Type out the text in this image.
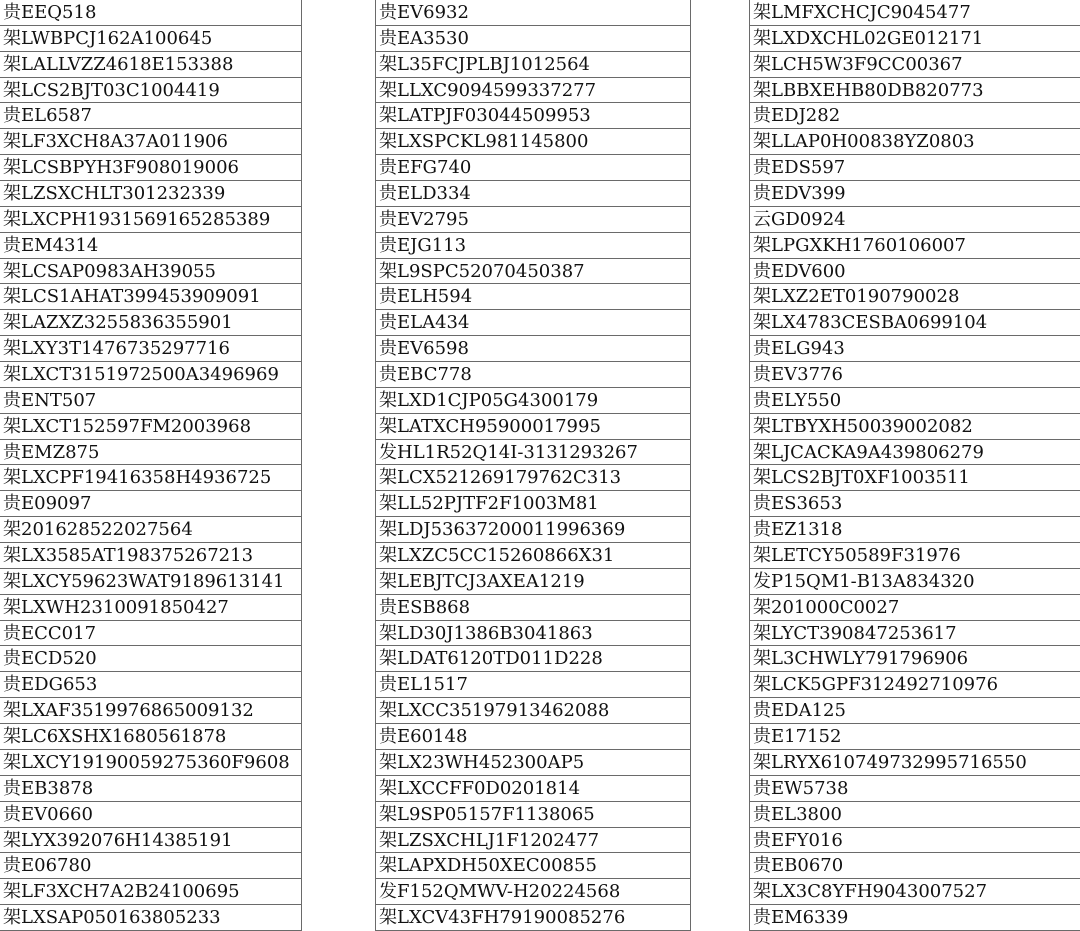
贵EEQ518
架LWBPCJ162A100645
架LALLVZZ4618E153388
架LCS2BJT03C1004419
贵EL6587
架LF3XCH8A37A011906
架LCSBPYH3F908019006
架LZSXCHLT301232339
架LXCPH1931569165285389
贵EM4314
架LCSAP0983AH39055
架LCS1AHAT399453909091
架LAZXZ3255836355901
架LXY3T1476735297716
架LXCT3151972500A3496969
贵ENT507
架LXCT152597FM2003968
贵EMZ875
架LXCPF19416358H4936725
贵E09097
架201628522027564
架LX3585AT198375267213
架LXCY59623WAT9189613141
架LXWH2310091850427
贵ECC017
贵ECD520
贵EDG653
架LXAF3519976865009132
架LC6XSHX1680561878
架LXCY19190059275360F9608
贵EB3878
贵EV0660
架LYX392076H14385191
贵E06780
架LF3XCH7A2B24100695
架LXSAP050163805233
贵EV6932
贵EA3530
架L35FCJPLBJ1012564
架LLXC9094599337277
架LATPJF03044509953
架LXSPCKL981145800
贵EFG740
贵ELD334
贵EV2795
贵EJG113
架L9SPC52070450387
贵ELH594
贵ELA434
贵EV6598
贵EBC778
架LXD1CJP05G4300179
架LATXCH95900017995
发HL1R52Q14I-3131293267
架LCX521269179762C313
架LL52PJTF2F1003M81
架LDJ53637200011996369
架LXZC5CC15260866X31
架LEBJTCJ3AXEA1219
贵ESB868
架LD30J1386B3041863
架LDAT6120TD011D228
贵EL1517
架LXCC35197913462088
贵E60148
架LX23WH452300AP5
架LXCCFF0D0201814
架L9SP05157F1138065
架LZSXCHLJ1F1202477
架LAPXDH50XEC00855
发F152QMWV-H20224568
架LXCV43FH79190085276
架LMFXCHCJC9045477
架LXDXCHL02GE012171
架LCH5W3F9CC00367
架LBBXEHB80DB820773
贵EDJ282
架LLAP0H00838YZ0803
贵EDS597
贵EDV399
云GD0924
架LPGXKH1760106007
贵EDV600
架LXZ2ET0190790028
架LX4783CESBA0699104
贵ELG943
贵EV3776
贵ELY550
架LTBYXH50039002082
架LJCACKA9A439806279
架LCS2BJT0XF1003511
贵ES3653
贵EZ1318
架LETCY50589F31976
发P15QM1-B13A834320
架201000C0027
架LYCT390847253617
架L3CHWLY791796906
架LCK5GPF312492710976
贵EDA125
贵E17152
架LRYX610749732995716550
贵EW5738
贵EL3800
贵EFY016
贵EB0670
架LX3C8YFH9043007527
贵EM6339
